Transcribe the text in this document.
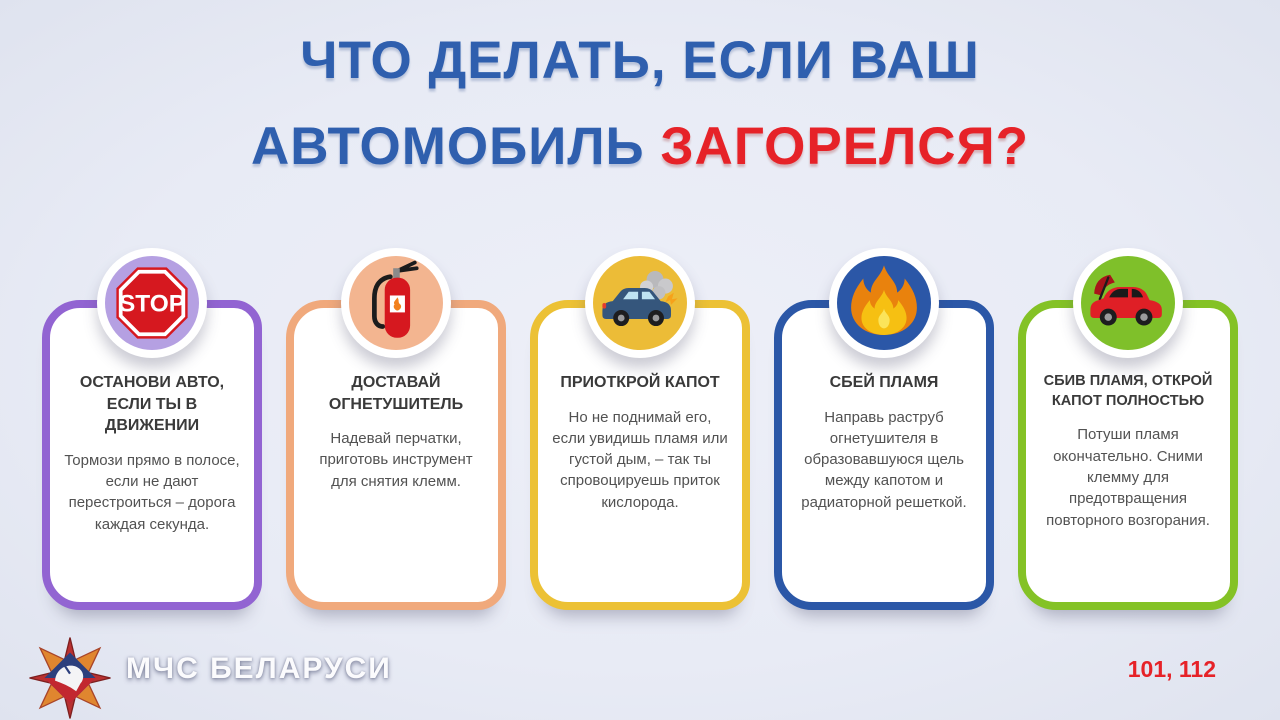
ЧТО ДЕЛАТЬ, ЕСЛИ ВАШ
АВТОМОБИЛЬ ЗАГОРЕЛСЯ?
STOP
ОСТАНОВИ АВТО, ЕСЛИ ТЫ В ДВИЖЕНИИ

Тормози прямо в полосе, если не дают перестроиться – дорога каждая секунда.

ДОСТАВАЙ ОГНЕТУШИТЕЛЬ

Надевай перчатки, приготовь инструмент для снятия клемм.

ПРИОТКРОЙ КАПОТ

Но не поднимай его, если увидишь пламя или густой дым, – так ты спровоцируешь приток кислорода.

СБЕЙ ПЛАМЯ

Направь раструб огнетушителя в образовавшуюся щель между капотом и радиаторной решеткой.

СБИВ ПЛАМЯ, ОТКРОЙ КАПОТ ПОЛНОСТЬЮ

Потуши пламя окончательно. Сними клемму для предотвращения повторного возгорания.

МЧС БЕЛАРУСИ	101, 112
